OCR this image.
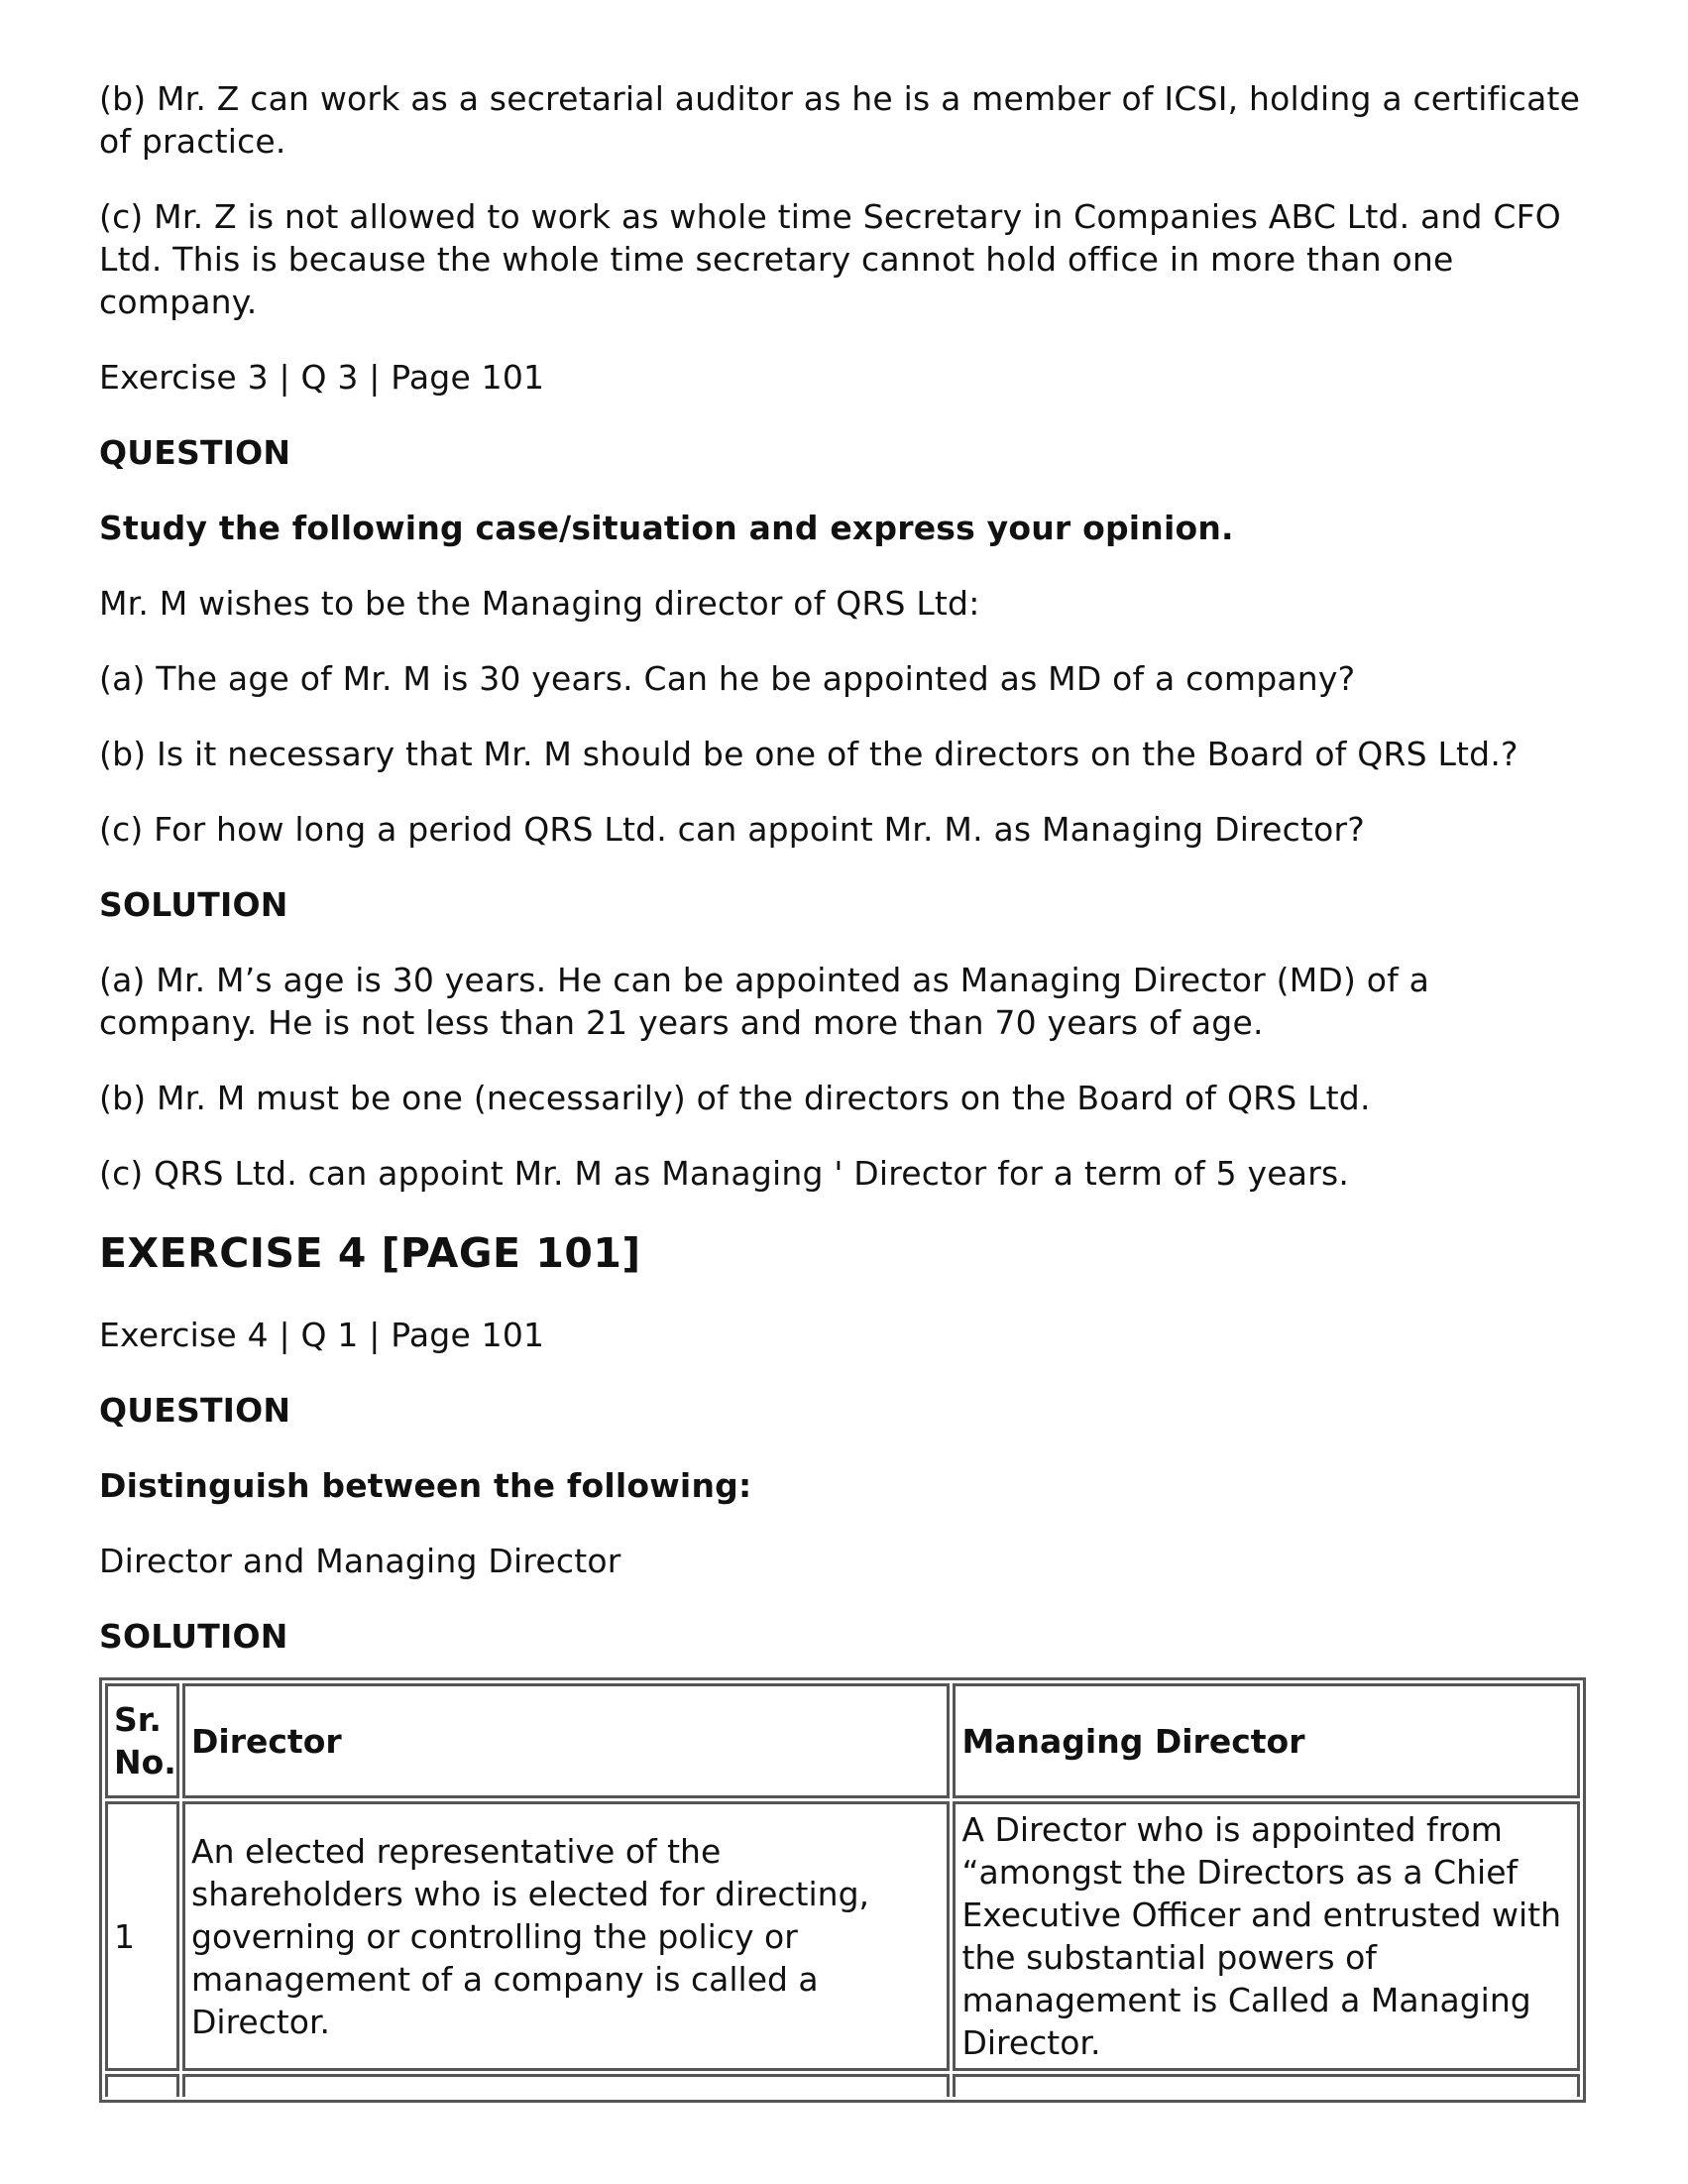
(b) Mr. Z can work as a secretarial auditor as he is a member of ICSI, holding a certificate of practice.

(c) Mr. Z is not allowed to work as whole time Secretary in Companies ABC Ltd. and CFO Ltd. This is because the whole time secretary cannot hold office in more than one company.

Exercise 3 | Q 3 | Page 101

QUESTION

Study the following case/situation and express your opinion.

Mr. M wishes to be the Managing director of QRS Ltd:

(a) The age of Mr. M is 30 years. Can he be appointed as MD of a company?

(b) Is it necessary that Mr. M should be one of the directors on the Board of QRS Ltd.?

(c) For how long a period QRS Ltd. can appoint Mr. M. as Managing Director?

SOLUTION

(a) Mr. M’s age is 30 years. He can be appointed as Managing Director (MD) of a company. He is not less than 21 years and more than 70 years of age.

(b) Mr. M must be one (necessarily) of the directors on the Board of QRS Ltd.

(c) QRS Ltd. can appoint Mr. M as Managing ' Director for a term of 5 years.

EXERCISE 4 [PAGE 101]

Exercise 4 | Q 1 | Page 101

QUESTION

Distinguish between the following:

Director and Managing Director

SOLUTION

Sr. No.	Director	Managing Director
1	An elected representative of the shareholders who is elected for directing, governing or controlling the policy or management of a company is called a Director.	A Director who is appointed from “amongst the Directors as a Chief Executive Officer and entrusted with the substantial powers of management is Called a Managing Director.
